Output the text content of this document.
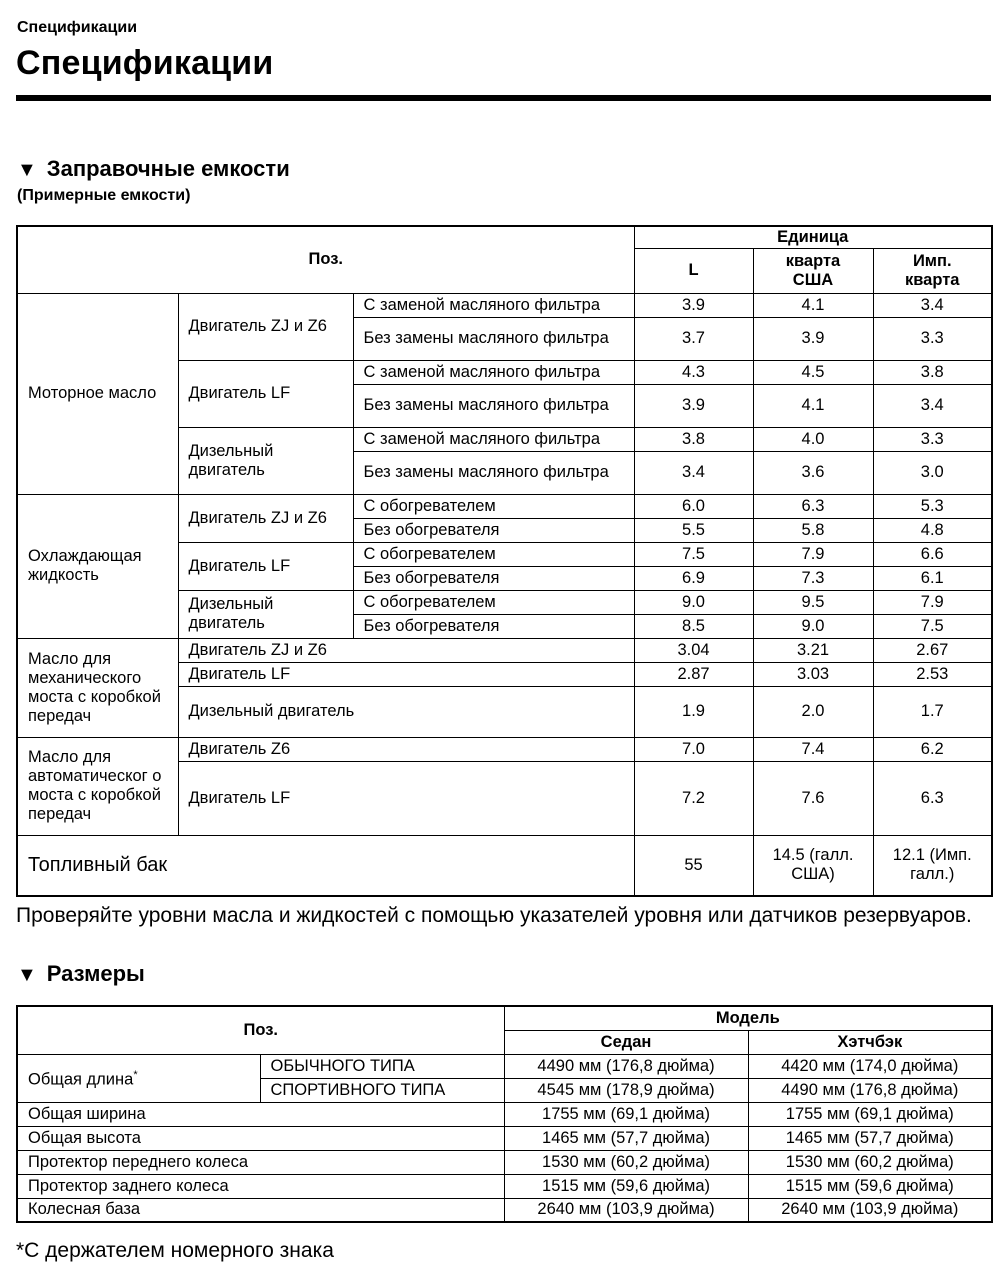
Спецификации
Спецификации
▼ Заправочные емкости
(Примерные емкости)
Поз.			Единица		
			L	кварта США	Имп. кварта
Моторное масло	Двигатель ZJ и Z6	С заменой масляного фильтра	3.9	4.1	3.4
		Без замены масляного фильтра	3.7	3.9	3.3
	Двигатель LF	С заменой масляного фильтра	4.3	4.5	3.8
		Без замены масляного фильтра	3.9	4.1	3.4
	Дизельный двигатель	С заменой масляного фильтра	3.8	4.0	3.3
		Без замены масляного фильтра	3.4	3.6	3.0
Охлаждающая жидкость	Двигатель ZJ и Z6	С обогревателем	6.0	6.3	5.3
		Без обогревателя	5.5	5.8	4.8
	Двигатель LF	С обогревателем	7.5	7.9	6.6
		Без обогревателя	6.9	7.3	6.1
	Дизельный двигатель	С обогревателем	9.0	9.5	7.9
		Без обогревателя	8.5	9.0	7.5
Масло для механического моста с коробкой передач	Двигатель ZJ и Z6		3.04	3.21	2.67
	Двигатель LF		2.87	3.03	2.53
	Дизельный двигатель		1.9	2.0	1.7
Масло для автоматическог о моста с коробкой передач	Двигатель Z6		7.0	7.4	6.2
	Двигатель LF		7.2	7.6	6.3
Топливный бак			55	14.5 (галл. США)	12.1 (Имп. галл.)
Проверяйте уровни масла и жидкостей с помощью указателей уровня или датчиков резервуаров.
▼ Размеры
Поз.		Модель	
		Седан	Хэтчбэк
Общая длина*	ОБЫЧНОГО ТИПА	4490 мм (176,8 дюйма)	4420 мм (174,0 дюйма)
	СПОРТИВНОГО ТИПА	4545 мм (178,9 дюйма)	4490 мм (176,8 дюйма)
Общая ширина		1755 мм (69,1 дюйма)	1755 мм (69,1 дюйма)
Общая высота		1465 мм (57,7 дюйма)	1465 мм (57,7 дюйма)
Протектор переднего колеса		1530 мм (60,2 дюйма)	1530 мм (60,2 дюйма)
Протектор заднего колеса		1515 мм (59,6 дюйма)	1515 мм (59,6 дюйма)
Колесная база		2640 мм (103,9 дюйма)	2640 мм (103,9 дюйма)
*С держателем номерного знака
